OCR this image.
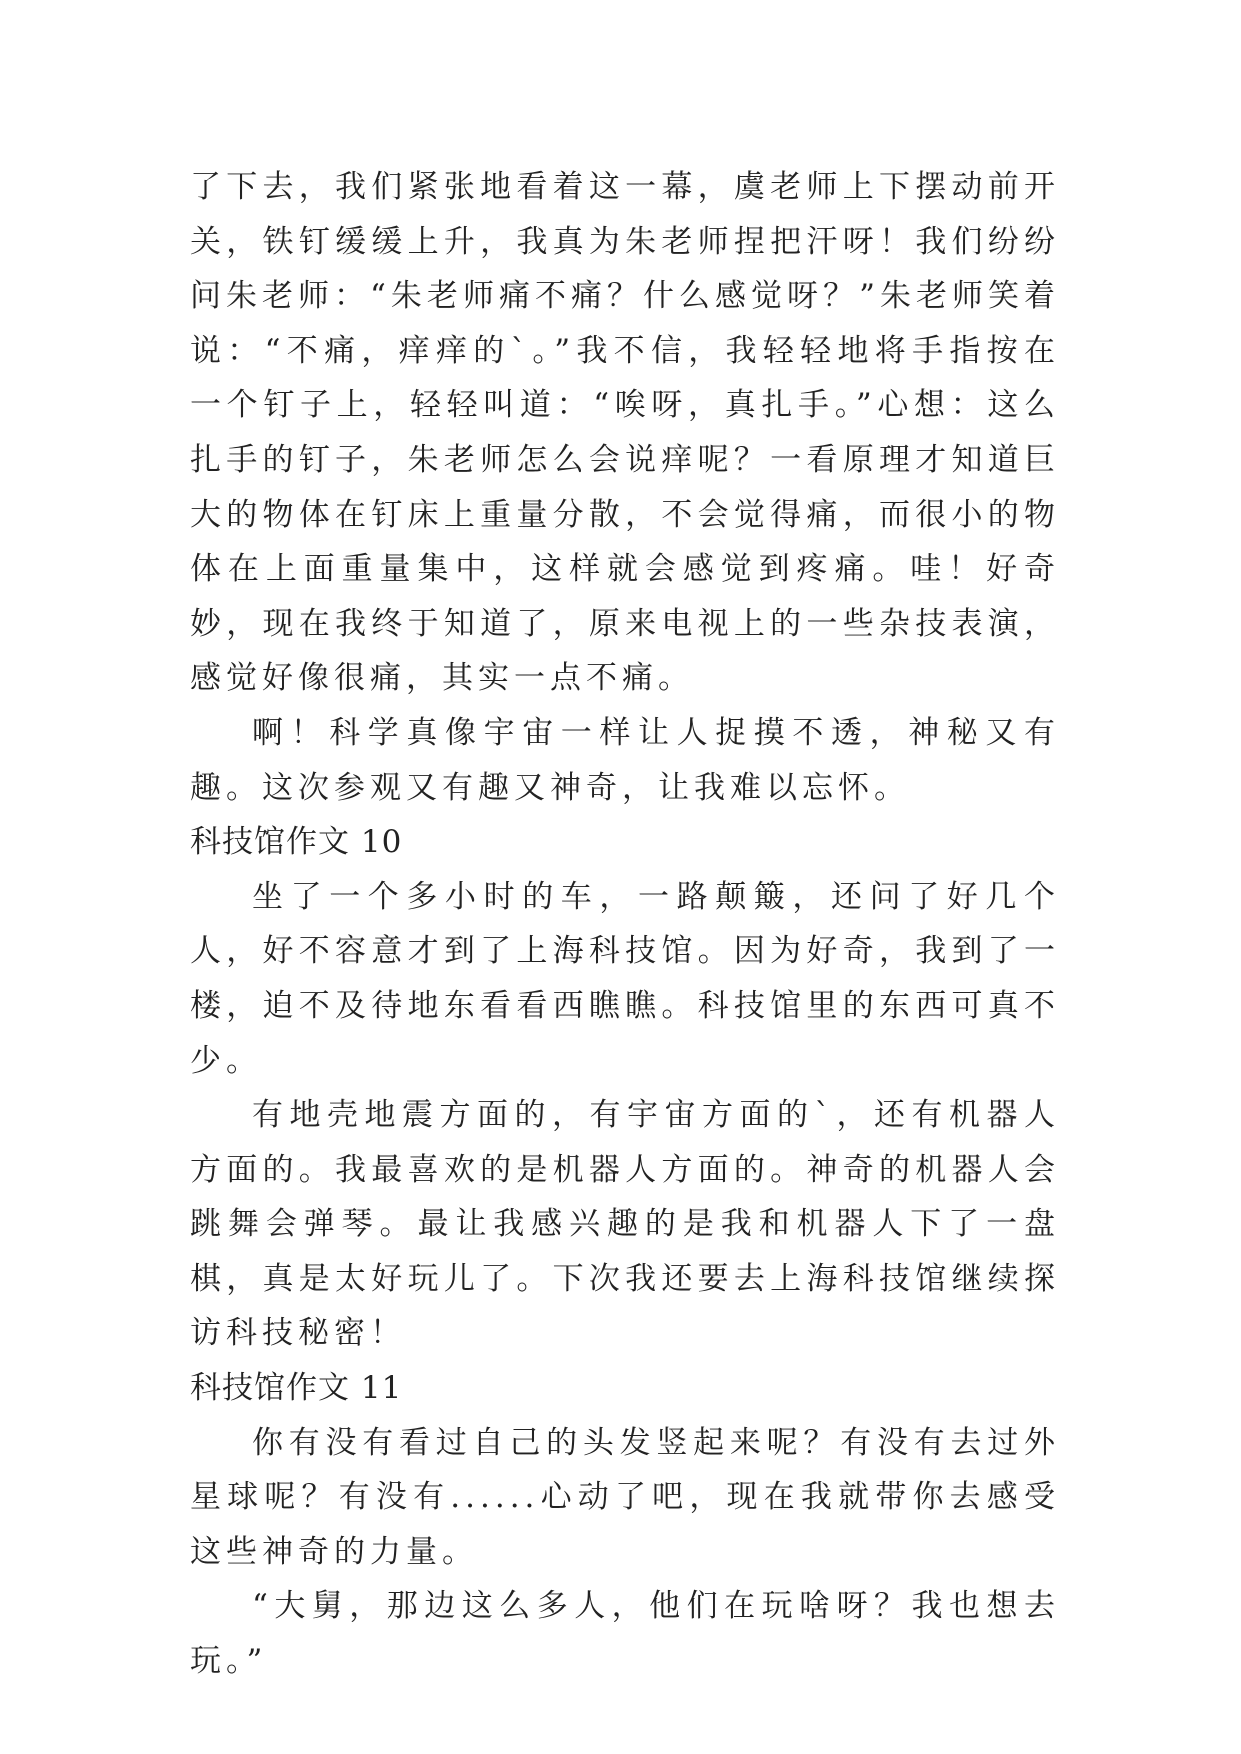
了下去，我们紧张地看着这一幕，虞老师上下摆动前开关，铁钉缓缓上升，我真为朱老师捏把汗呀！我们纷纷问朱老师：“朱老师痛不痛？什么感觉呀？”朱老师笑着说：“不痛，痒痒的`。”我不信，我轻轻地将手指按在一个钉子上，轻轻叫道：“唉呀，真扎手。”心想：这么扎手的钉子，朱老师怎么会说痒呢？一看原理才知道巨大的物体在钉床上重量分散，不会觉得痛，而很小的物体在上面重量集中，这样就会感觉到疼痛。哇！好奇妙，现在我终于知道了，原来电视上的一些杂技表演，感觉好像很痛，其实一点不痛。

啊！科学真像宇宙一样让人捉摸不透，神秘又有趣。这次参观又有趣又神奇，让我难以忘怀。

科技馆作文 10

坐了一个多小时的车，一路颠簸，还问了好几个人，好不容意才到了上海科技馆。因为好奇，我到了一楼，迫不及待地东看看西瞧瞧。科技馆里的东西可真不少。

有地壳地震方面的，有宇宙方面的`，还有机器人方面的。我最喜欢的是机器人方面的。神奇的机器人会跳舞会弹琴。最让我感兴趣的是我和机器人下了一盘棋，真是太好玩儿了。下次我还要去上海科技馆继续探访科技秘密！

科技馆作文 11

你有没有看过自己的头发竖起来呢？有没有去过外星球呢？有没有......心动了吧，现在我就带你去感受这些神奇的力量。

“大舅，那边这么多人，他们在玩啥呀？我也想去玩。”
